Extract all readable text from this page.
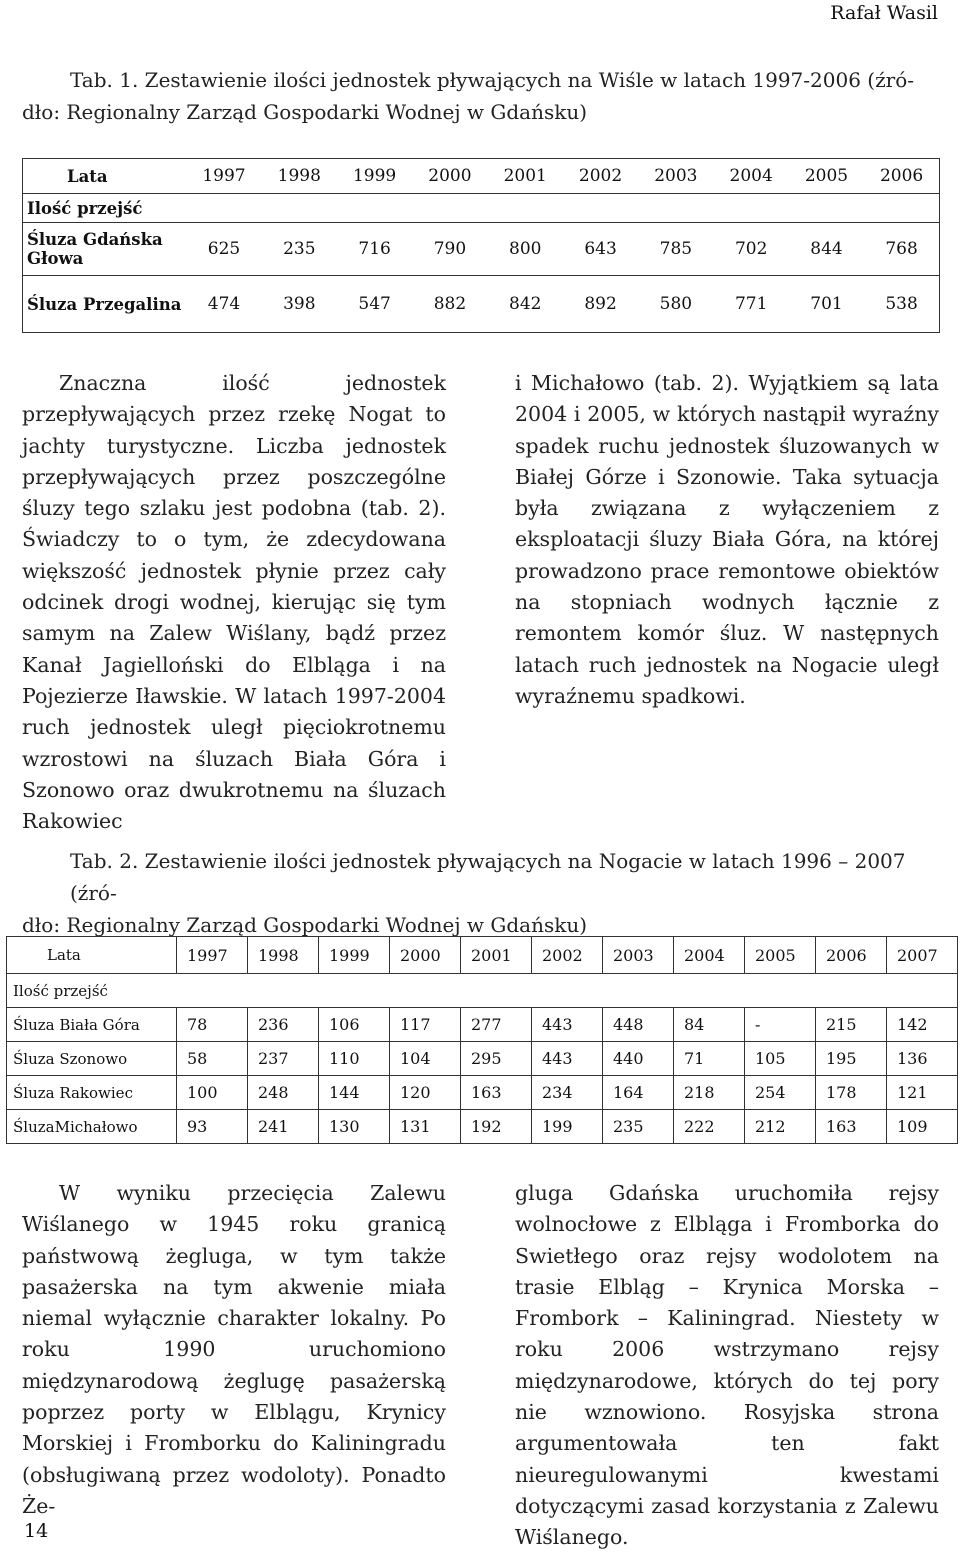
Rafał Wasil
Tab. 1. Zestawienie ilości jednostek pływających na Wiśle w latach 1997-2006 (źró-
dło: Regionalny Zarząd Gospodarki Wodnej w Gdańsku)
Lata	1997	1998	1999	2000	2001	2002	2003	2004	2005	2006
Ilość przejść										

Śluza Gdańska
Głowa	625	235	716	790	800	643	785	702	844	768
Śluza Przegalina	474	398	547	882	842	892	580	771	701	538
Znaczna ilość jednostek przepływających przez rzekę Nogat to jachty turystyczne. Liczba jednostek przepływających przez poszczególne śluzy tego szlaku jest podobna (tab. 2). Świadczy to o tym, że zdecydowana większość jednostek płynie przez cały odcinek drogi wodnej, kierując się tym samym na Zalew Wiślany, bądź przez Kanał Jagielloński do Elbląga i na Pojezierze Iławskie. W latach 1997-2004 ruch jednostek uległ pięciokrotnemu wzrostowi na śluzach Biała Góra i Szonowo oraz dwukrotnemu na śluzach Rakowiec
i Michałowo (tab. 2). Wyjątkiem są lata 2004 i 2005, w których nastąpił wyraźny spadek ruchu jednostek śluzowanych w Białej Górze i Szonowie. Taka sytuacja była związana z wyłączeniem z eksploatacji śluzy Biała Góra, na której prowadzono prace remontowe obiektów na stopniach wodnych łącznie z remontem komór śluz. W następnych latach ruch jednostek na Nogacie uległ wyraźnemu spadkowi.
Tab. 2. Zestawienie ilości jednostek pływających na Nogacie w latach 1996 – 2007 (źró-
dło: Regionalny Zarząd Gospodarki Wodnej w Gdańsku)
Lata	1997	1998	1999	2000	2001	2002	2003	2004	2005	2006	2007
Ilość przejść											
Śluza Biała Góra	78	236	106	117	277	443	448	84	-	215	142
Śluza Szonowo	58	237	110	104	295	443	440	71	105	195	136
Śluza Rakowiec	100	248	144	120	163	234	164	218	254	178	121
ŚluzaMichałowo	93	241	130	131	192	199	235	222	212	163	109
W wyniku przecięcia Zalewu Wiślanego w 1945 roku granicą państwową żegluga, w tym także pasażerska na tym akwenie miała niemal wyłącznie charakter lokalny. Po roku 1990 uruchomiono międzynarodową żeglugę pasażerską poprzez porty w Elblągu, Krynicy Morskiej i Fromborku do Kaliningradu (obsługiwaną przez wodoloty). Ponadto Że-
gluga Gdańska uruchomiła rejsy wolnocłowe z Elbląga i Fromborka do Swietłego oraz rejsy wodolotem na trasie Elbląg – Krynica Morska – Frombork – Kaliningrad. Niestety w roku 2006 wstrzymano rejsy międzynarodowe, których do tej pory nie wznowiono. Rosyjska strona argumentowała ten fakt nieuregulowanymi kwestami dotyczącymi zasad korzystania z Zalewu Wiślanego.
14
